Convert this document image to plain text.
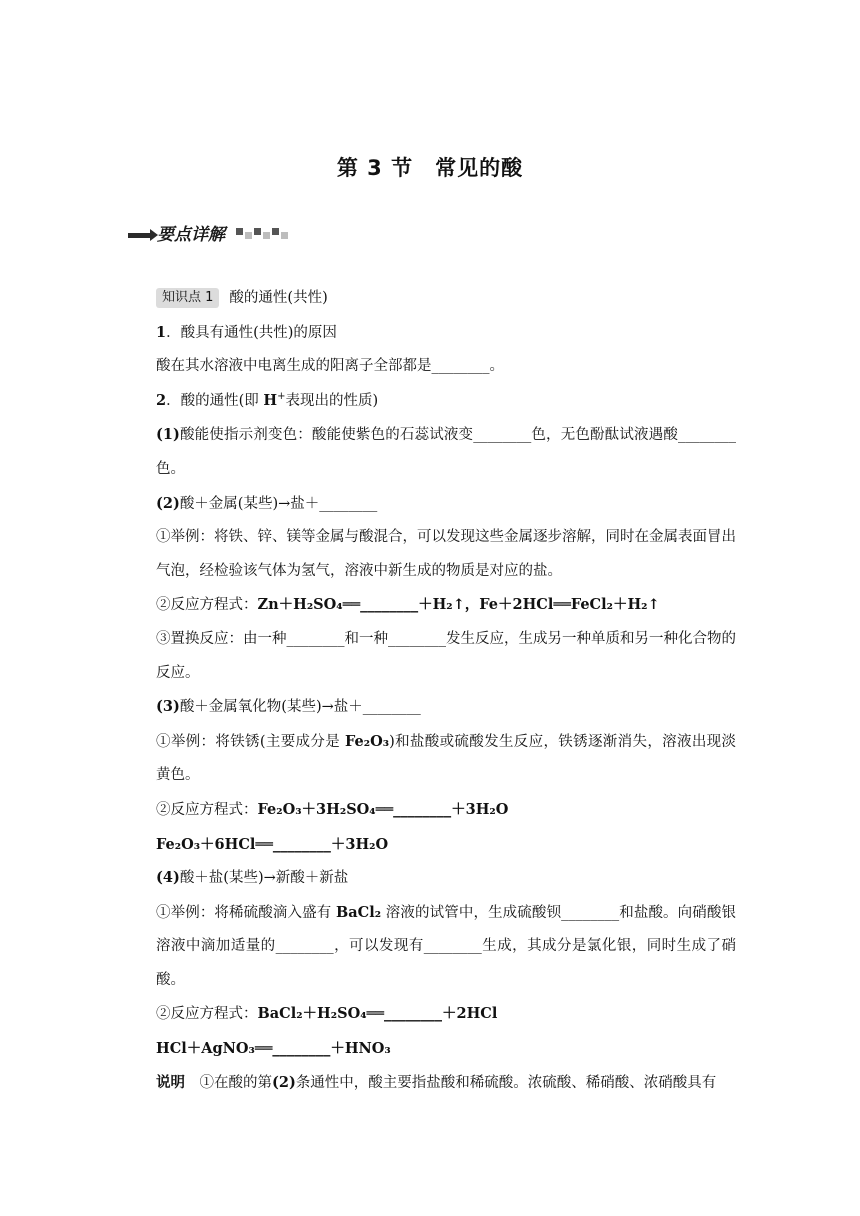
第 3 节　常见的酸
要点详解

知识点 1 酸的通性(共性)

1．酸具有通性(共性)的原因

酸在其水溶液中电离生成的阳离子全部都是________。

2．酸的通性(即 H+表现出的性质)

(1)酸能使指示剂变色：酸能使紫色的石蕊试液变________色，无色酚酞试液遇酸________色。

(2)酸＋金属(某些)→盐＋________

①举例：将铁、锌、镁等金属与酸混合，可以发现这些金属逐步溶解，同时在金属表面冒出气泡，经检验该气体为氢气，溶液中新生成的物质是对应的盐。

②反应方程式：Zn＋H₂SO₄══________＋H₂↑，Fe＋2HCl══FeCl₂＋H₂↑

③置换反应：由一种________和一种________发生反应，生成另一种单质和另一种化合物的反应。

(3)酸＋金属氧化物(某些)→盐＋________

①举例：将铁锈(主要成分是 Fe₂O₃)和盐酸或硫酸发生反应，铁锈逐渐消失，溶液出现淡黄色。

②反应方程式：Fe₂O₃＋3H₂SO₄══________＋3H₂O

Fe₂O₃＋6HCl══________＋3H₂O

(4)酸＋盐(某些)→新酸＋新盐

①举例：将稀硫酸滴入盛有 BaCl₂ 溶液的试管中，生成硫酸钡________和盐酸。向硝酸银溶液中滴加适量的________，可以发现有________生成，其成分是氯化银，同时生成了硝酸。

②反应方程式：BaCl₂＋H₂SO₄══________＋2HCl

HCl＋AgNO₃══________＋HNO₃

说明　①在酸的第(2)条通性中，酸主要指盐酸和稀硫酸。浓硫酸、稀硝酸、浓硝酸具有
